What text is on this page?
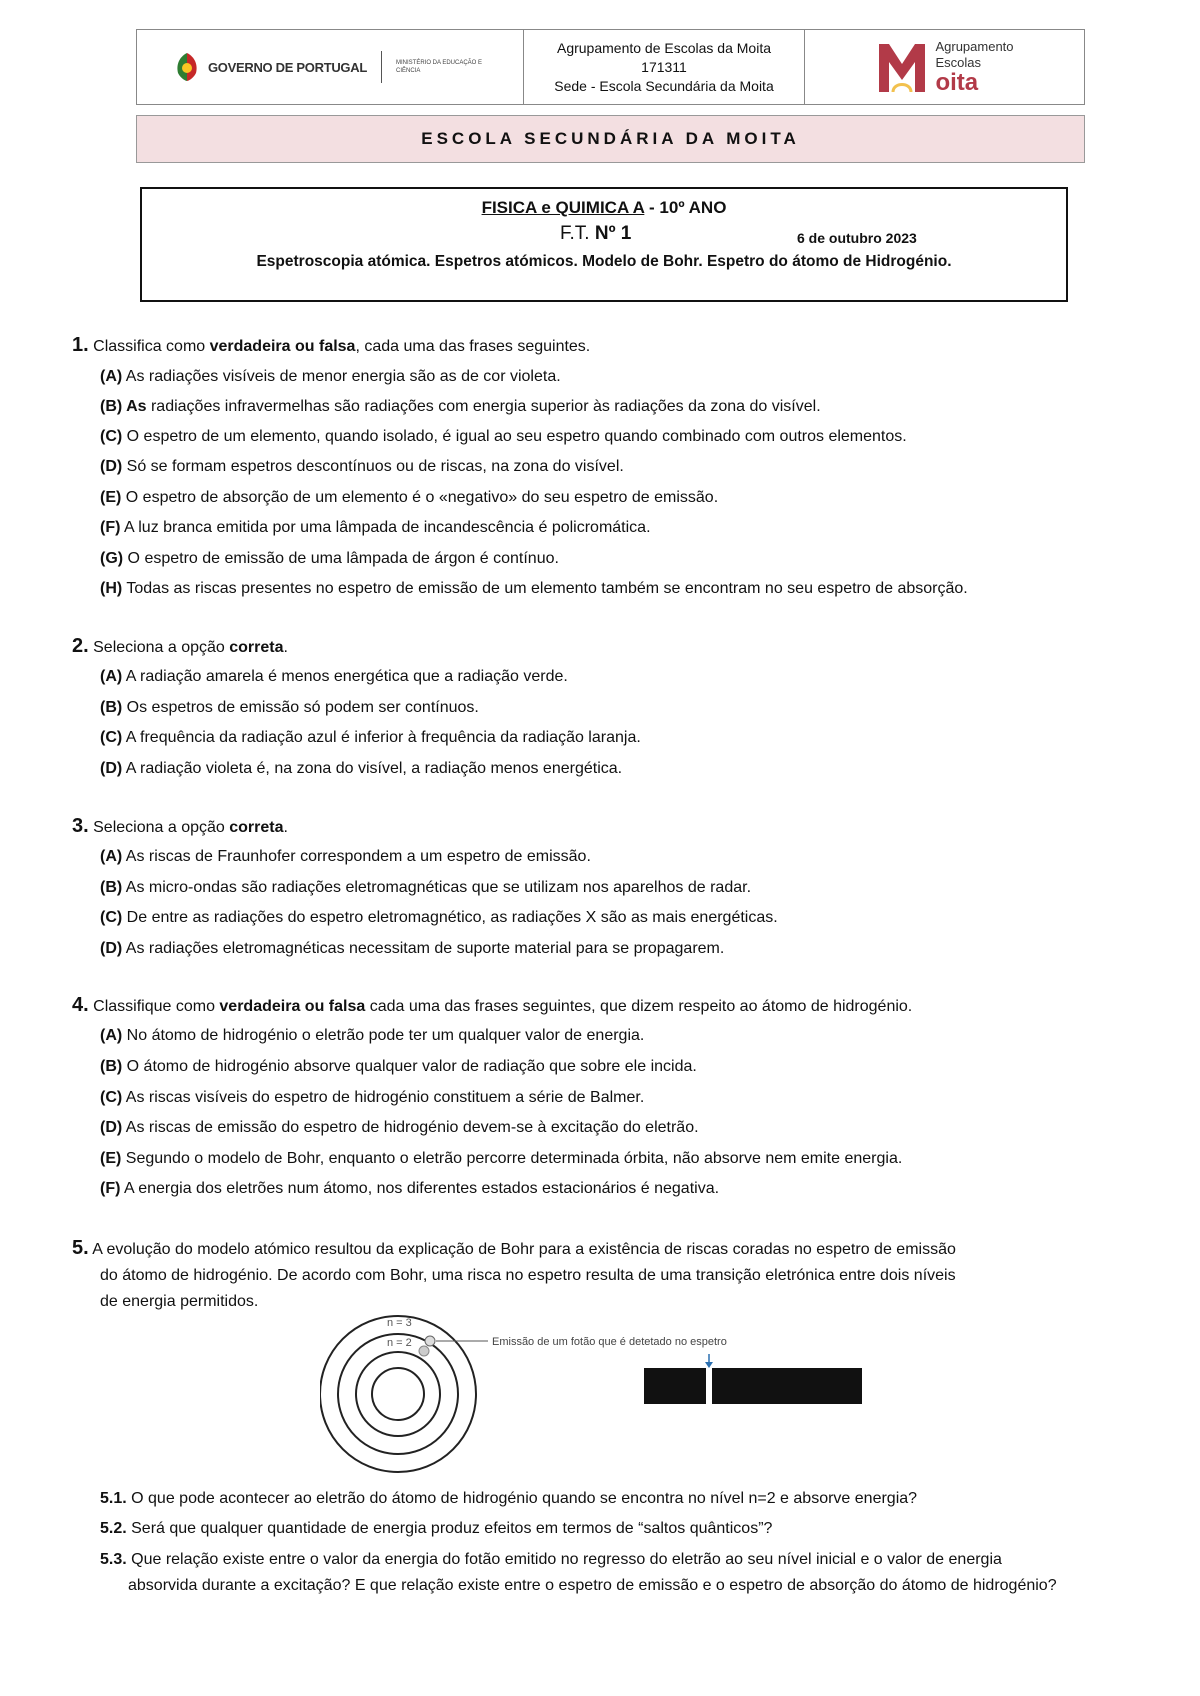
GOVERNO DE PORTUGAL	MINISTÉRIO DA EDUCAÇÃO E CIÊNCIA
Agrupamento de Escolas da Moita
171311
Sede - Escola Secundária da Moita
Agrupamento
Escolas
oita
ESCOLA SECUNDÁRIA DA MOITA
FISICA e QUIMICA A - 10º ANO
F.T. Nº 1	6 de outubro 2023
Espetroscopia atómica. Espetros atómicos. Modelo de Bohr. Espetro do átomo de Hidrogénio.
1. Classifica como verdadeira ou falsa, cada uma das frases seguintes.
(A) As radiações visíveis de menor energia são as de cor violeta.
(B) As radiações infravermelhas são radiações com energia superior às radiações da zona do visível.
(C) O espetro de um elemento, quando isolado, é igual ao seu espetro quando combinado com outros elementos.
(D) Só se formam espetros descontínuos ou de riscas, na zona do visível.
(E) O espetro de absorção de um elemento é o «negativo» do seu espetro de emissão.
(F) A luz branca emitida por uma lâmpada de incandescência é policromática.
(G) O espetro de emissão de uma lâmpada de árgon é contínuo.
(H) Todas as riscas presentes no espetro de emissão de um elemento também se encontram no seu espetro de absorção.
2. Seleciona a opção correta.
(A) A radiação amarela é menos energética que a radiação verde.
(B) Os espetros de emissão só podem ser contínuos.
(C) A frequência da radiação azul é inferior à frequência da radiação laranja.
(D) A radiação violeta é, na zona do visível, a radiação menos energética.
3. Seleciona a opção correta.
(A) As riscas de Fraunhofer correspondem a um espetro de emissão.
(B) As micro-ondas são radiações eletromagnéticas que se utilizam nos aparelhos de radar.
(C) De entre as radiações do espetro eletromagnético, as radiações X são as mais energéticas.
(D) As radiações eletromagnéticas necessitam de suporte material para se propagarem.
4. Classifique como verdadeira ou falsa cada uma das frases seguintes, que dizem respeito ao átomo de hidrogénio.
(A) No átomo de hidrogénio o eletrão pode ter um qualquer valor de energia.
(B) O átomo de hidrogénio absorve qualquer valor de radiação que sobre ele incida.
(C) As riscas visíveis do espetro de hidrogénio constituem a série de Balmer.
(D) As riscas de emissão do espetro de hidrogénio devem-se à excitação do eletrão.
(E) Segundo o modelo de Bohr, enquanto o eletrão percorre determinada órbita, não absorve nem emite energia.
(F) A energia dos eletrões num átomo, nos diferentes estados estacionários é negativa.
5. A evolução do modelo atómico resultou da explicação de Bohr para a existência de riscas coradas no espetro de emissão
do átomo de hidrogénio. De acordo com Bohr, uma risca no espetro resulta de uma transição eletrónica entre dois níveis
de energia permitidos.
n = 3
n = 2	Emissão de um fotão que é detetado no espetro
5.1. O que pode acontecer ao eletrão do átomo de hidrogénio quando se encontra no nível n=2 e absorve energia?
5.2. Será que qualquer quantidade de energia produz efeitos em termos de “saltos quânticos”?
5.3. Que relação existe entre o valor da energia do fotão emitido no regresso do eletrão ao seu nível inicial e o valor de energia
absorvida durante a excitação? E que relação existe entre o espetro de emissão e o espetro de absorção do átomo de hidrogénio?
